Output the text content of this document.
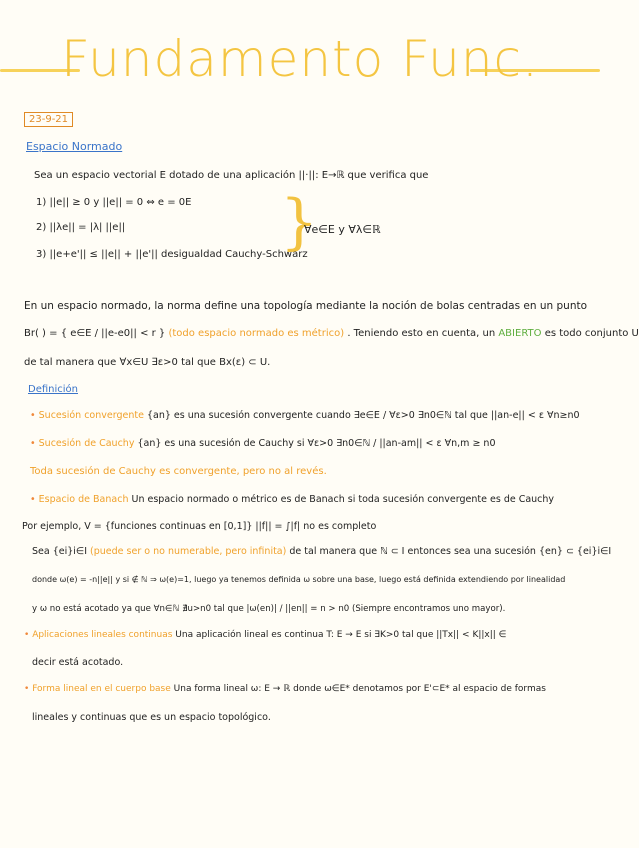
Fundamento Func.
23-9-21
Espacio Normado
Sea un espacio vectorial E dotado de una aplicación ||·||: E→ℝ que verifica que
1) ||e|| ≥ 0 y ||e|| = 0 ⇔ e = 0E
2) ||λe|| = |λ| ||e||
3) ||e+e'|| ≤ ||e|| + ||e'|| desigualdad Cauchy-Schwarz
}
∀e∈E y ∀λ∈ℝ
En un espacio normado, la norma define una topología mediante la noción de bolas centradas en un punto
Br( ) = { e∈E / ||e-e0|| < r } (todo espacio normado es métrico) . Teniendo esto en cuenta, un ABIERTO es todo conjunto U
de tal manera que ∀x∈U ∃ε>0 tal que Bx(ε) ⊂ U.
Definición
• Sucesión convergente {an} es una sucesión convergente cuando ∃e∈E / ∀ε>0 ∃n0∈ℕ tal que ||an-e|| < ε ∀n≥n0
• Sucesión de Cauchy {an} es una sucesión de Cauchy si ∀ε>0 ∃n0∈ℕ / ||an-am|| < ε ∀n,m ≥ n0
Toda sucesión de Cauchy es convergente, pero no al revés.
• Espacio de Banach Un espacio normado o métrico es de Banach si toda sucesión convergente es de Cauchy
Por ejemplo, V = {funciones continuas en [0,1]} ||f|| = ∫|f| no es completo
Sea {ei}i∈I (puede ser o no numerable, pero infinita) de tal manera que ℕ ⊂ I entonces sea una sucesión {en} ⊂ {ei}i∈I
donde ω(e) = -n||e|| y si ∉ ℕ ⇒ ω(e)=1, luego ya tenemos definida ω sobre una base, luego está definida extendiendo por linealidad
y ω no está acotado ya que ∀n∈ℕ ∄u>n0 tal que |ω(en)| / ||en|| = n > n0 (Siempre encontramos uno mayor).
• Aplicaciones lineales continuas Una aplicación lineal es continua T: E → E si ∃K>0 tal que ||Tx|| < K||x|| ∈
decir está acotado.
• Forma lineal en el cuerpo base Una forma lineal ω: E → ℝ donde ω∈E* denotamos por E'⊂E* al espacio de formas
lineales y continuas que es un espacio topológico.
